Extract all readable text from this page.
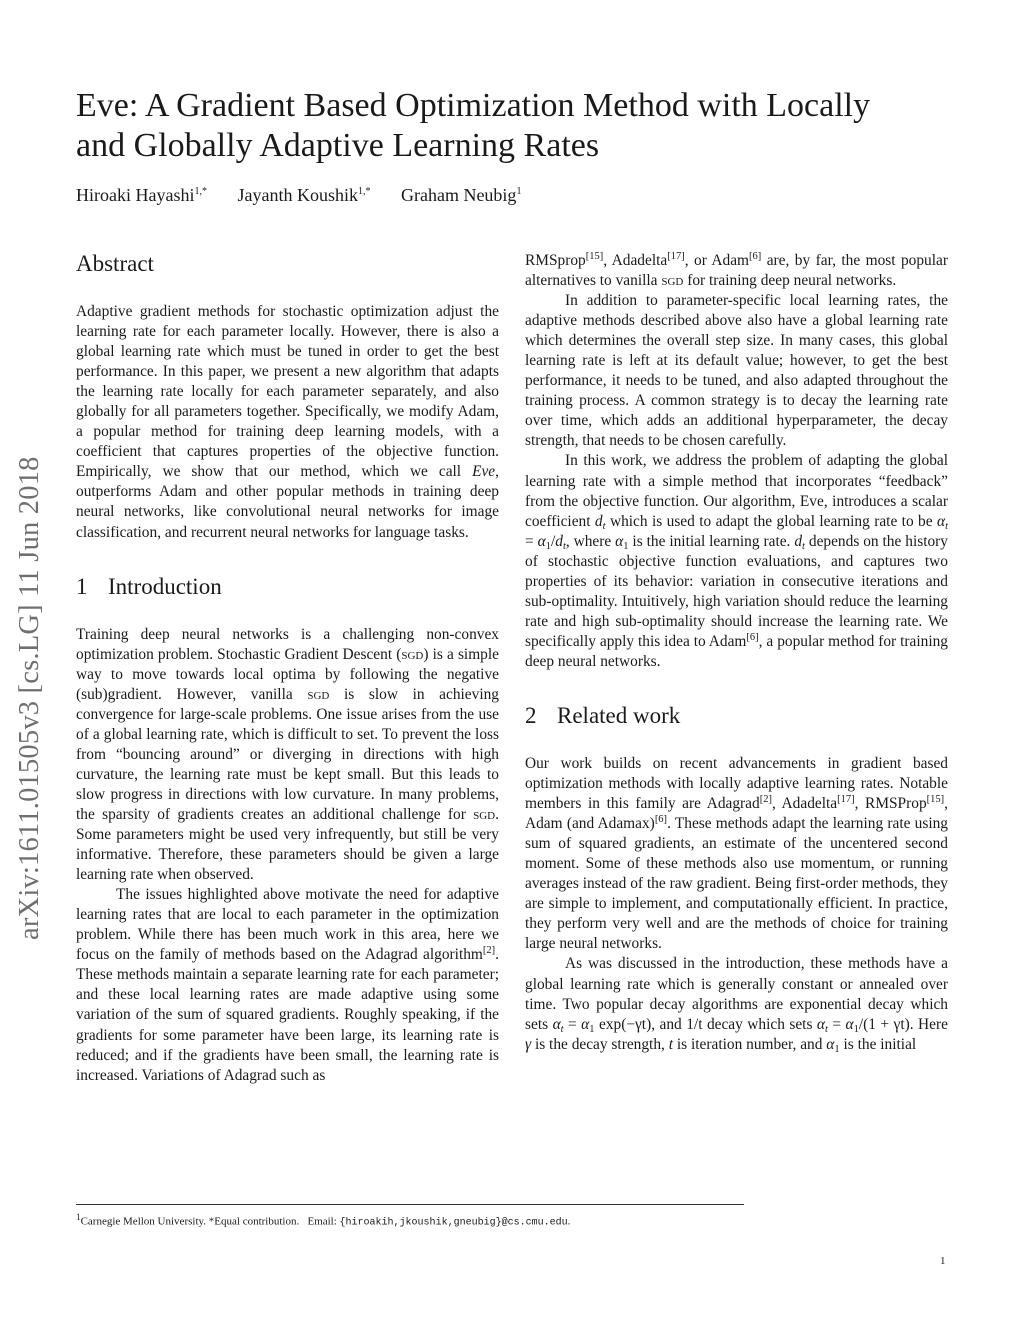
arXiv:1611.01505v3 [cs.LG] 11 Jun 2018
Eve: A Gradient Based Optimization Method with Locally
and Globally Adaptive Learning Rates
Hiroaki Hayashi$^{1,*}$ Jayanth Koushik$^{1,*}$ Graham Neubig$^1$
Abstract

Adaptive gradient methods for stochastic optimization adjust the learning rate for each parameter locally. However, there is also a global learning rate which must be tuned in order to get the best performance. In this paper, we present a new algorithm that adapts the learning rate locally for each parameter separately, and also globally for all parameters together. Specifically, we modify Adam, a popular method for training deep learning models, with a coefficient that captures properties of the objective function. Empirically, we show that our method, which we call Eve, outperforms Adam and other popular methods in training deep neural networks, like convolutional neural networks for image classification, and recurrent neural networks for language tasks.

1 Introduction

Training deep neural networks is a challenging non-convex optimization problem. Stochastic Gradient Descent (sgd) is a simple way to move towards local optima by following the negative (sub)gradient. However, vanilla sgd is slow in achieving convergence for large-scale problems. One issue arises from the use of a global learning rate, which is difficult to set. To prevent the loss from “bouncing around” or diverging in directions with high curvature, the learning rate must be kept small. But this leads to slow progress in directions with low curvature. In many problems, the sparsity of gradients creates an additional challenge for sgd. Some parameters might be used very infrequently, but still be very informative. Therefore, these parameters should be given a large learning rate when observed.

The issues highlighted above motivate the need for adaptive learning rates that are local to each parameter in the optimization problem. While there has been much work in this area, here we focus on the family of methods based on the Adagrad algorithm[2]. These methods maintain a separate learning rate for each parameter; and these local learning rates are made adaptive using some variation of the sum of squared gradients. Roughly speaking, if the gradients for some parameter have been large, its learning rate is reduced; and if the gradients have been small, the learning rate is increased. Variations of Adagrad such as

RMSprop[15], Adadelta[17], or Adam[6] are, by far, the most popular alternatives to vanilla sgd for training deep neural networks.

In addition to parameter-specific local learning rates, the adaptive methods described above also have a global learning rate which determines the overall step size. In many cases, this global learning rate is left at its default value; however, to get the best performance, it needs to be tuned, and also adapted throughout the training process. A common strategy is to decay the learning rate over time, which adds an additional hyperparameter, the decay strength, that needs to be chosen carefully.

In this work, we address the problem of adapting the global learning rate with a simple method that incorporates “feedback” from the objective function. Our algorithm, Eve, introduces a scalar coefficient $d_t$ which is used to adapt the global learning rate to be $\alpha_t = \alpha_1/d_t$, where $\alpha_1$ is the initial learning rate. $d_t$ depends on the history of stochastic objective function evaluations, and captures two properties of its behavior: variation in consecutive iterations and sub-optimality. Intuitively, high variation should reduce the learning rate and high sub-optimality should increase the learning rate. We specifically apply this idea to Adam[6], a popular method for training deep neural networks.

2 Related work

Our work builds on recent advancements in gradient based optimization methods with locally adaptive learning rates. Notable members in this family are Adagrad[2], Adadelta[17], RMSProp[15], Adam (and Adamax)[6]. These methods adapt the learning rate using sum of squared gradients, an estimate of the uncentered second moment. Some of these methods also use momentum, or running averages instead of the raw gradient. Being first-order methods, they are simple to implement, and computationally efficient. In practice, they perform very well and are the methods of choice for training large neural networks.

As was discussed in the introduction, these methods have a global learning rate which is generally constant or annealed over time. Two popular decay algorithms are exponential decay which sets $\alpha_t = \alpha_1$ exp(−γt), and 1/t decay which sets $\alpha_t = \alpha_1/(1 + \gamma t)$. Here γ is the decay strength, t is iteration number, and $\alpha_1$ is the initial

$^1$Carnegie Mellon University. *Equal contribution. Email: {hiroakih,jkoushik,gneubig}@cs.cmu.edu.
1
